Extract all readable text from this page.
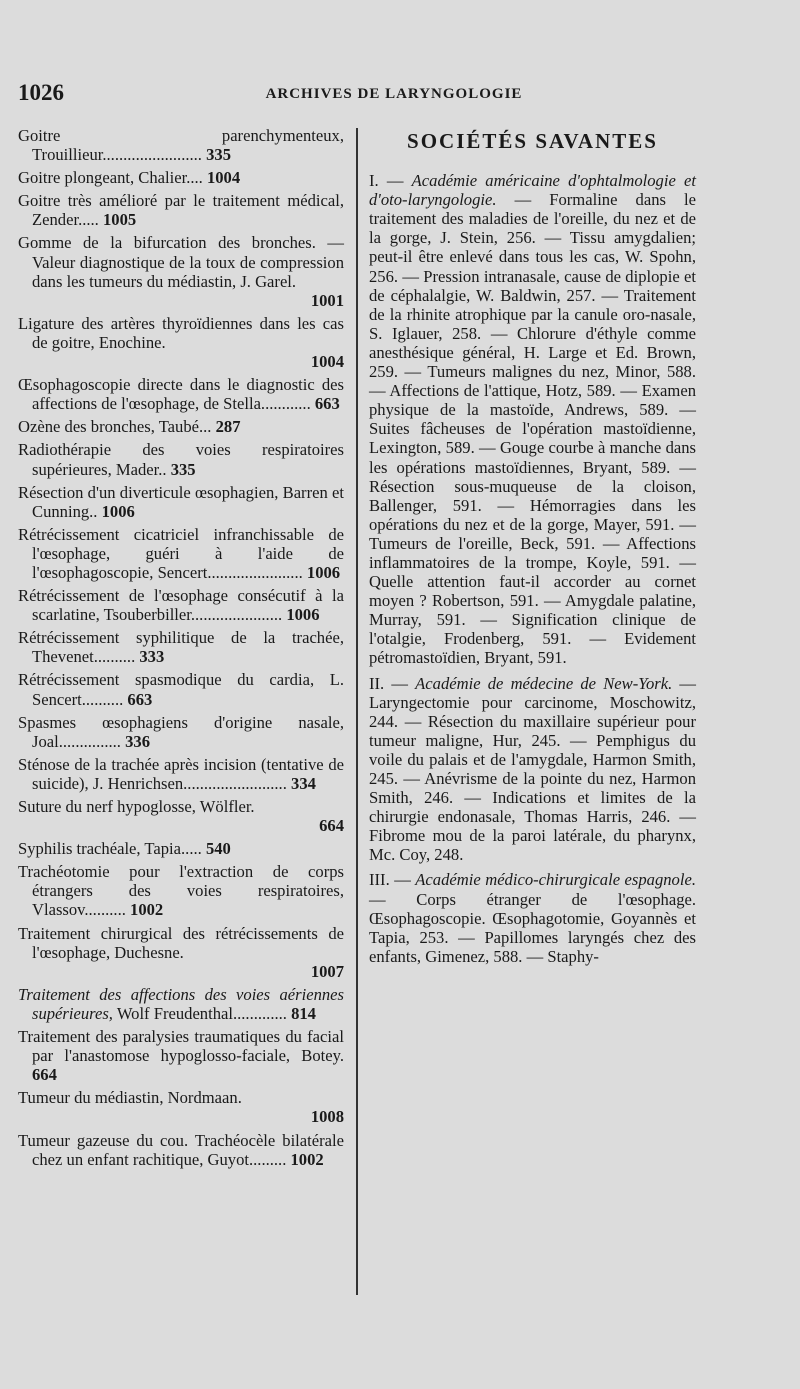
1026	ARCHIVES DE LARYNGOLOGIE
Goitre parenchymenteux, Trouillieur........................ 335
Goitre plongeant, Chalier.... 1004
Goitre très amélioré par le traitement médical, Zender..... 1005
Gomme de la bifurcation des bronches. — Valeur diagnostique de la toux de compression dans les tumeurs du médiastin, J. Garel.
1001
Ligature des artères thyroïdiennes dans les cas de goitre, Enochine.
1004
Œsophagoscopie directe dans le diagnostic des affections de l'œsophage, de Stella............ 663
Ozène des bronches, Taubé... 287
Radiothérapie des voies respiratoires supérieures, Mader.. 335
Résection d'un diverticule œsophagien, Barren et Cunning.. 1006
Rétrécissement cicatriciel infranchissable de l'œsophage, guéri à l'aide de l'œsophagoscopie, Sencert....................... 1006
Rétrécissement de l'œsophage consécutif à la scarlatine, Tsouberbiller...................... 1006
Rétrécissement syphilitique de la trachée, Thevenet.......... 333
Rétrécissement spasmodique du cardia, L. Sencert.......... 663
Spasmes œsophagiens d'origine nasale, Joal............... 336
Sténose de la trachée après incision (tentative de suicide), J. Henrichsen......................... 334
Suture du nerf hypoglosse, Wölfler.
664
Syphilis trachéale, Tapia..... 540
Trachéotomie pour l'extraction de corps étrangers des voies respiratoires, Vlassov.......... 1002
Traitement chirurgical des rétrécissements de l'œsophage, Duchesne.
1007
Traitement des affections des voies aériennes supérieures, Wolf Freudenthal............. 814
Traitement des paralysies traumatiques du facial par l'anastomose hypoglosso-faciale, Botey. 664
Tumeur du médiastin, Nordmaan.
1008
Tumeur gazeuse du cou. Trachéocèle bilatérale chez un enfant rachitique, Guyot......... 1002
SOCIÉTÉS SAVANTES
I. — Académie américaine d'ophtalmologie et d'oto-laryngologie. — Formaline dans le traitement des maladies de l'oreille, du nez et de la gorge, J. Stein, 256. — Tissu amygdalien; peut-il être enlevé dans tous les cas, W. Spohn, 256. — Pression intranasale, cause de diplopie et de céphalalgie, W. Baldwin, 257. — Traitement de la rhinite atrophique par la canule oro-nasale, S. Iglauer, 258. — Chlorure d'éthyle comme anesthésique général, H. Large et Ed. Brown, 259. — Tumeurs malignes du nez, Minor, 588. — Affections de l'attique, Hotz, 589. — Examen physique de la mastoïde, Andrews, 589. — Suites fâcheuses de l'opération mastoïdienne, Lexington, 589. — Gouge courbe à manche dans les opérations mastoïdiennes, Bryant, 589. — Résection sous-muqueuse de la cloison, Ballenger, 591. — Hémorragies dans les opérations du nez et de la gorge, Mayer, 591. — Tumeurs de l'oreille, Beck, 591. — Affections inflammatoires de la trompe, Koyle, 591. — Quelle attention faut-il accorder au cornet moyen ? Robertson, 591. — Amygdale palatine, Murray, 591. — Signification clinique de l'otalgie, Frodenberg, 591. — Evidement pétromastoïdien, Bryant, 591.
II. — Académie de médecine de New-York. — Laryngectomie pour carcinome, Moschowitz, 244. — Résection du maxillaire supérieur pour tumeur maligne, Hur, 245. — Pemphigus du voile du palais et de l'amygdale, Harmon Smith, 245. — Anévrisme de la pointe du nez, Harmon Smith, 246. — Indications et limites de la chirurgie endonasale, Thomas Harris, 246. — Fibrome mou de la paroi latérale, du pharynx, Mc. Coy, 248.
III. — Académie médico-chirurgicale espagnole. — Corps étranger de l'œsophage. Œsophagoscopie. Œsophagotomie, Goyannès et Tapia, 253. — Papillomes laryngés chez des enfants, Gimenez, 588. — Staphy-
